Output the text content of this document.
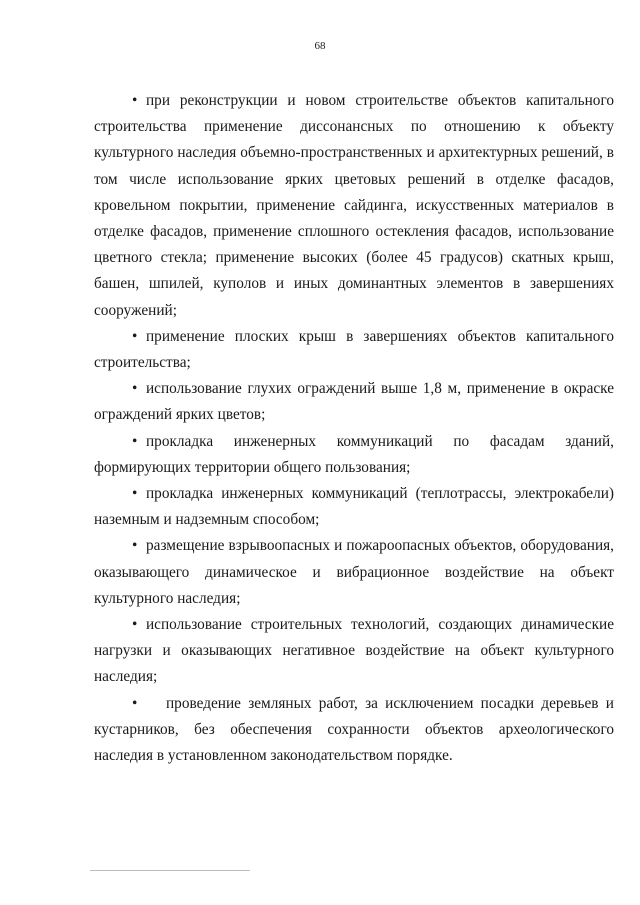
68

• при реконструкции и новом строительстве объектов капитального строительства применение диссонансных по отношению к объекту культурного наследия объемно-пространственных и архитектурных решений, в том числе использование ярких цветовых решений в отделке фасадов, кровельном покрытии, применение сайдинга, искусственных материалов в отделке фасадов, применение сплошного остекления фасадов, использование цветного стекла; применение высоких (более 45 градусов) скатных крыш, башен, шпилей, куполов и иных доминантных элементов в завершениях сооружений;

• применение плоских крыш в завершениях объектов капитального строительства;

• использование глухих ограждений выше 1,8 м, применение в окраске ограждений ярких цветов;

• прокладка инженерных коммуникаций по фасадам зданий, формирующих территории общего пользования;

• прокладка инженерных коммуникаций (теплотрассы, электрокабели) наземным и надземным способом;

• размещение взрывоопасных и пожароопасных объектов, оборудования, оказывающего динамическое и вибрационное воздействие на объект культурного наследия;

• использование строительных технологий, создающих динамические нагрузки и оказывающих негативное воздействие на объект культурного наследия;

• проведение земляных работ, за исключением посадки деревьев и кустарников, без обеспечения сохранности объектов археологического наследия в установленном законодательством порядке.
